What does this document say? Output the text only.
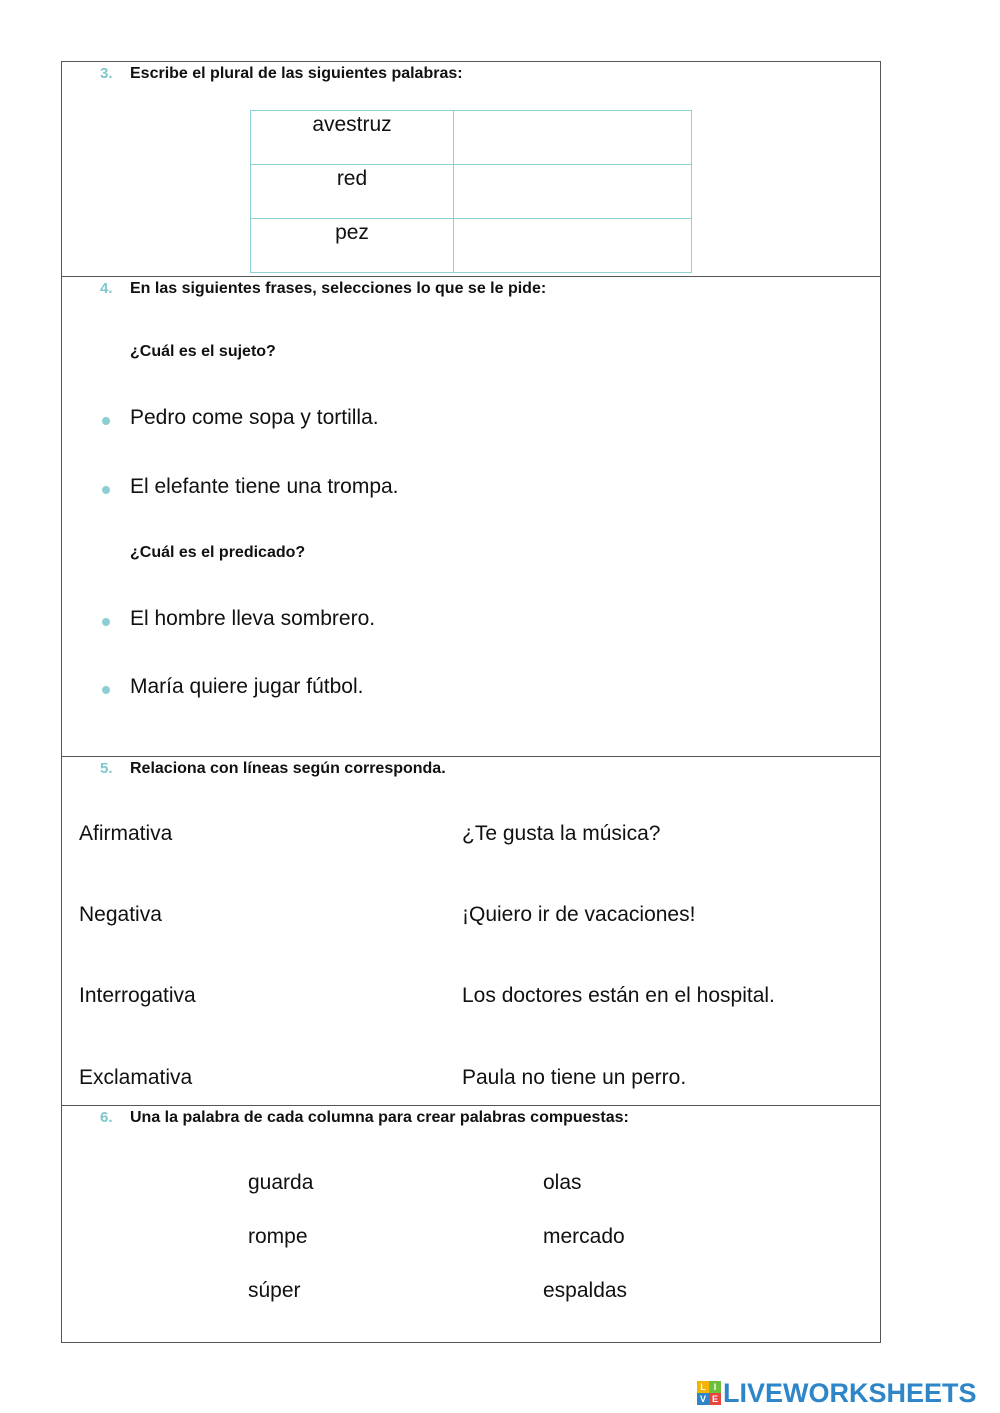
3. Escribe el plural de las siguientes palabras:
avestruz	
red	
pez	
4. En las siguientes frases, selecciones lo que se le pide:
¿Cuál es el sujeto?
Pedro come sopa y tortilla.
El elefante tiene una trompa.
¿Cuál es el predicado?
El hombre lleva sombrero.
María quiere jugar fútbol.
5. Relaciona con líneas según corresponda.
Afirmativa	¿Te gusta la música?
Negativa	¡Quiero ir de vacaciones!
Interrogativa	Los doctores están en el hospital.
Exclamativa	Paula no tiene un perro.
6. Una la palabra de cada columna para crear palabras compuestas:
guarda	olas
rompe	mercado
súper	espaldas
L I
V E LIVEWORKSHEETS
